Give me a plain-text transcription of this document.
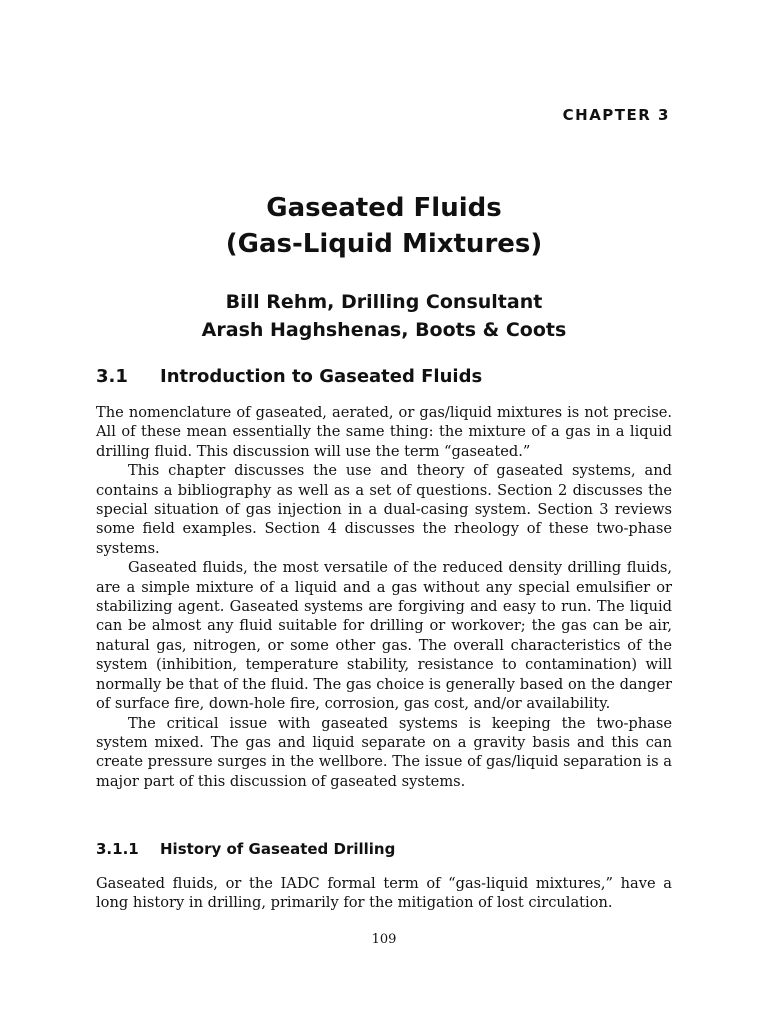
CHAPTER 3
Gaseated Fluids
(Gas-Liquid Mixtures)
Bill Rehm, Drilling Consultant
Arash Haghshenas, Boots & Coots
3.1 Introduction to Gaseated Fluids

The nomenclature of gaseated, aerated, or gas/liquid mixtures is not precise. All of these mean essentially the same thing: the mixture of a gas in a liquid drilling fluid. This discussion will use the term “gaseated.”

This chapter discusses the use and theory of gaseated systems, and contains a bibliography as well as a set of questions. Section 2 discusses the special situation of gas injection in a dual-casing system. Section 3 reviews some field examples. Section 4 discusses the rheology of these two-phase systems.

Gaseated fluids, the most versatile of the reduced density drilling fluids, are a simple mixture of a liquid and a gas without any special emulsifier or stabilizing agent. Gaseated systems are forgiving and easy to run. The liquid can be almost any fluid suitable for drilling or workover; the gas can be air, natural gas, nitrogen, or some other gas. The overall characteristics of the system (inhibition, temperature stability, resistance to contamination) will normally be that of the fluid. The gas choice is generally based on the danger of surface fire, down-hole fire, corrosion, gas cost, and/or availability.

The critical issue with gaseated systems is keeping the two-phase system mixed. The gas and liquid separate on a gravity basis and this can create pressure surges in the wellbore. The issue of gas/liquid separation is a major part of this discussion of gaseated systems.

3.1.1 History of Gaseated Drilling

Gaseated fluids, or the IADC formal term of “gas-liquid mixtures,” have a long history in drilling, primarily for the mitigation of lost circulation.

109
